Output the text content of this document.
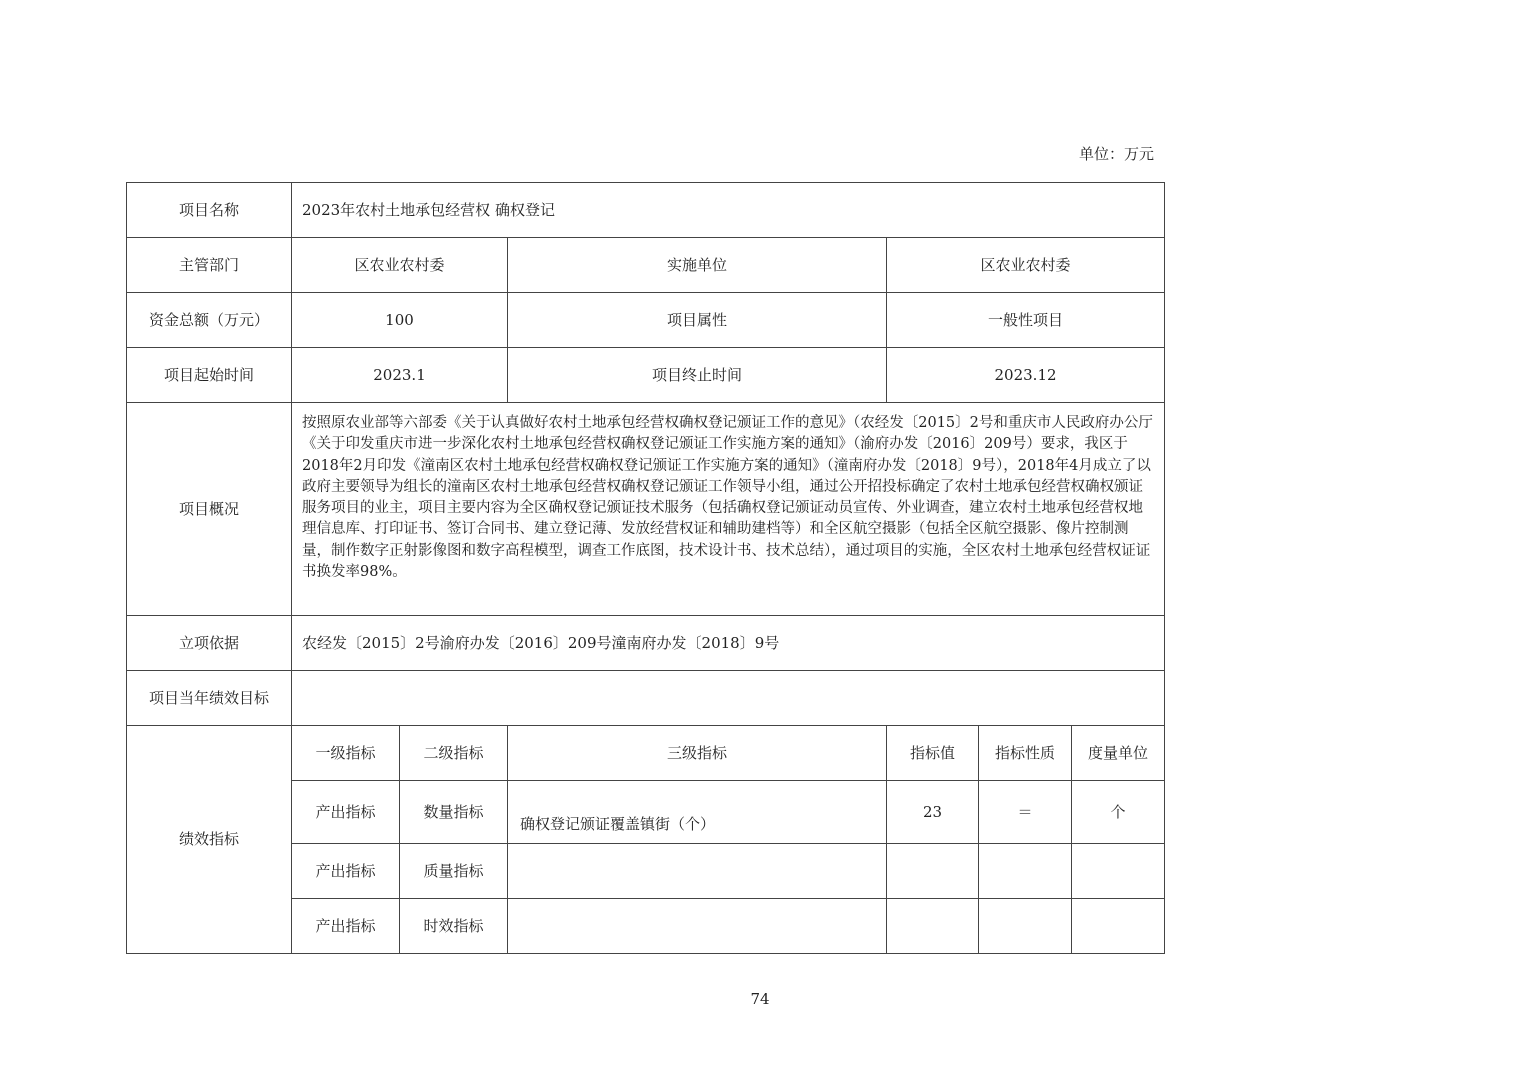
单位：万元
项目名称	2023年农村土地承包经营权 确权登记						
主管部门	区农业农村委		实施单位	区农业农村委			
资金总额（万元）	100		项目属性	一般性项目			
项目起始时间	2023.1		项目终止时间	2023.12			
项目概况	按照原农业部等六部委《关于认真做好农村土地承包经营权确权登记颁证工作的意见》（农经发〔2015〕2号和重庆市人民政府办公厅《关于印发重庆市进一步深化农村土地承包经营权确权登记颁证工作实施方案的通知》（渝府办发〔2016〕209号）要求，我区于2018年2月印发《潼南区农村土地承包经营权确权登记颁证工作实施方案的通知》（潼南府办发〔2018〕9号），2018年4月成立了以政府主要领导为组长的潼南区农村土地承包经营权确权登记颁证工作领导小组，通过公开招投标确定了农村土地承包经营权确权颁证服务项目的业主，项目主要内容为全区确权登记颁证技术服务（包括确权登记颁证动员宣传、外业调查，建立农村土地承包经营权地理信息库、打印证书、签订合同书、建立登记薄、发放经营权证和辅助建档等）和全区航空摄影（包括全区航空摄影、像片控制测量，制作数字正射影像图和数字高程模型，调查工作底图，技术设计书、技术总结），通过项目的实施，全区农村土地承包经营权证证书换发率98%。						
立项依据	农经发〔2015〕2号渝府办发〔2016〕209号潼南府办发〔2018〕9号						
项目当年绩效目标							
绩效指标	一级指标	二级指标	三级指标	指标值	指标性质	度量单位	
	产出指标	数量指标	确权登记颁证覆盖镇街（个）	23	＝	个	
	产出指标	质量指标					
	产出指标	时效指标					
74
